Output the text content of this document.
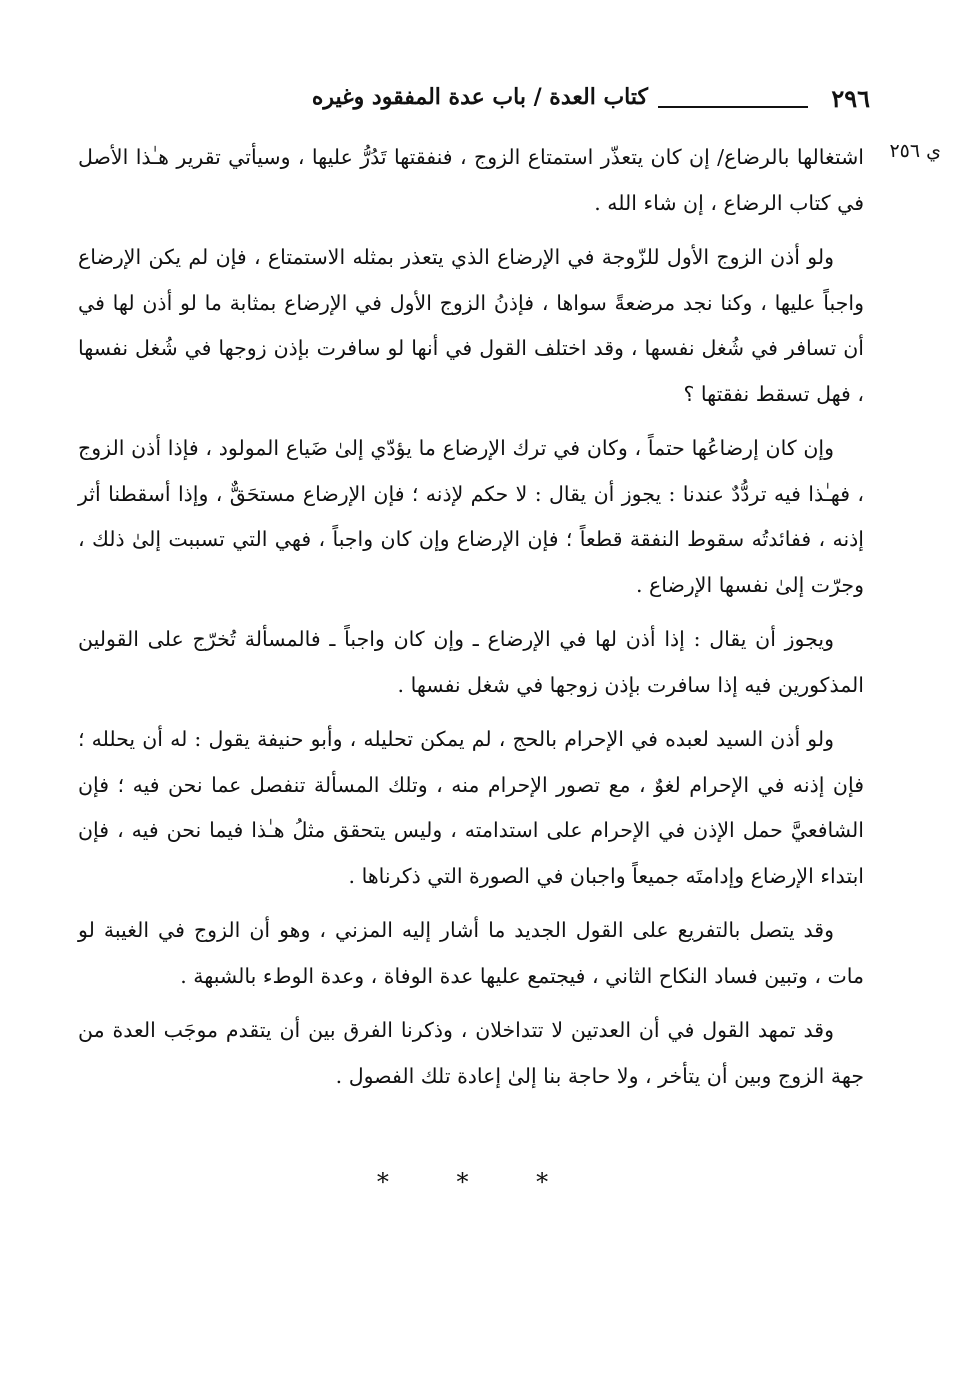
٢٩٦
كتاب العدة / باب عدة المفقود وغيره
ي ٢٥٦

اشتغالها بالرضاع/ إن كان يتعذّر استمتاع الزوج ، فنفقتها تَدُرُّ عليها ، وسيأتي تقرير هـٰذا الأصل في كتاب الرضاع ، إن شاء الله .

ولو أذن الزوج الأول للزّوجة في الإرضاع الذي يتعذر بمثله الاستمتاع ، فإن لم يكن الإرضاع واجباً عليها ، وكنا نجد مرضعةً سواها ، فإذنُ الزوج الأول في الإرضاع بمثابة ما لو أذن لها في أن تسافر في شُغل نفسها ، وقد اختلف القول في أنها لو سافرت بإذن زوجها في شُغل نفسها ، فهل تسقط نفقتها ؟

وإن كان إرضاعُها حتماً ، وكان في ترك الإرضاع ما يؤدّي إلىٰ ضَياع المولود ، فإذا أذن الزوج ، فهـٰذا فيه تردُّدٌ عندنا : يجوز أن يقال : لا حكم لإذنه ؛ فإن الإرضاع مستحَقٌّ ، وإذا أسقطنا أثر إذنه ، ففائدتُه سقوط النفقة قطعاً ؛ فإن الإرضاع وإن كان واجباً ، فهي التي تسببت إلىٰ ذلك ، وجرّت إلىٰ نفسها الإرضاع .

ويجوز أن يقال : إذا أذن لها في الإرضاع ـ وإن كان واجباً ـ فالمسألة تُخرّج على القولين المذكورين فيه إذا سافرت بإذن زوجها في شغل نفسها .

ولو أذن السيد لعبده في الإحرام بالحج ، لم يمكن تحليله ، وأبو حنيفة يقول : له أن يحلله ؛ فإن إذنه في الإحرام لغوٌ ، مع تصور الإحرام منه ، وتلك المسألة تنفصل عما نحن فيه ؛ فإن الشافعيَّ حمل الإذن في الإحرام على استدامته ، وليس يتحقق مثلُ هـٰذا فيما نحن فيه ، فإن ابتداء الإرضاع وإدامتَه جميعاً واجبان في الصورة التي ذكرناها .

وقد يتصل بالتفريع على القول الجديد ما أشار إليه المزني ، وهو أن الزوج في الغيبة لو مات ، وتبين فساد النكاح الثاني ، فيجتمع عليها عدة الوفاة ، وعدة الوطء بالشبهة .

وقد تمهد القول في أن العدتين لا تتداخلان ، وذكرنا الفرق بين أن يتقدم موجَب العدة من جهة الزوج وبين أن يتأخر ، ولا حاجة بنا إلىٰ إعادة تلك الفصول .

* * *
